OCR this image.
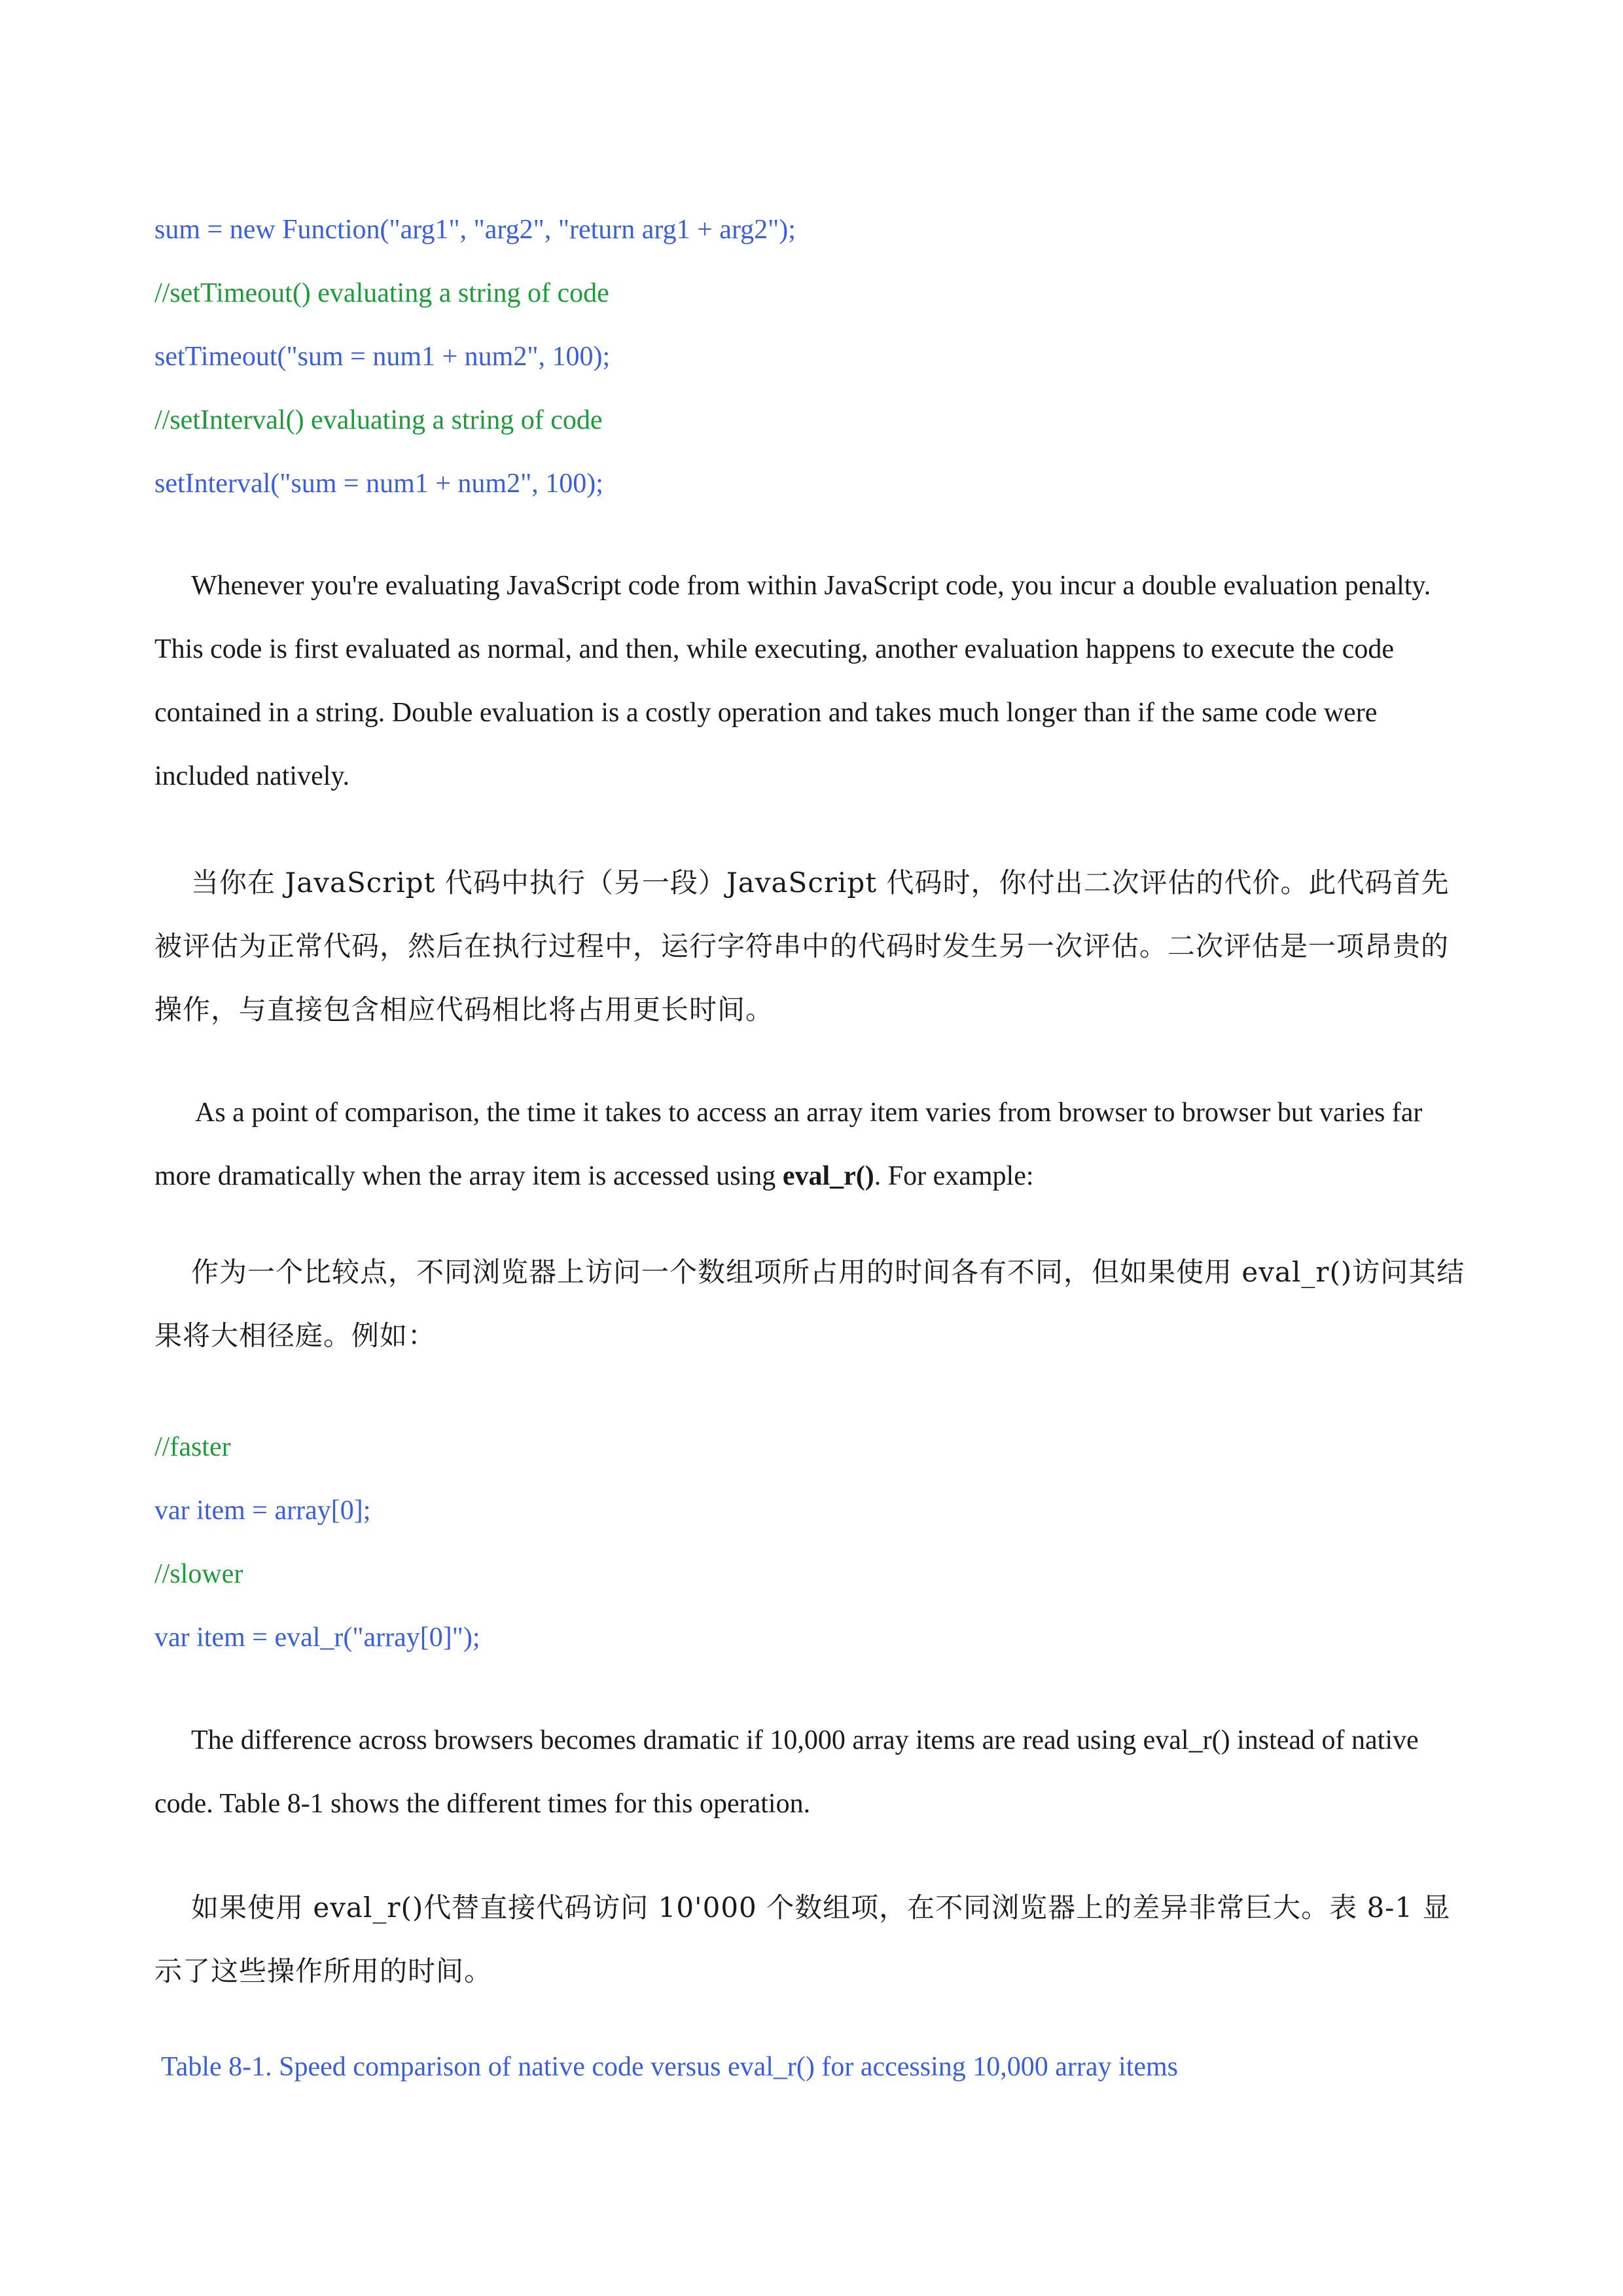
sum = new Function("arg1", "arg2", "return arg1 + arg2");
//setTimeout() evaluating a string of code
setTimeout("sum = num1 + num2", 100);
//setInterval() evaluating a string of code
setInterval("sum = num1 + num2", 100);

Whenever you're evaluating JavaScript code from within JavaScript code, you incur a double evaluation penalty. This code is first evaluated as normal, and then, while executing, another evaluation happens to execute the code contained in a string. Double evaluation is a costly operation and takes much longer than if the same code were included natively.

当你在 JavaScript 代码中执行（另一段）JavaScript 代码时，你付出二次评估的代价。此代码首先被评估为正常代码，然后在执行过程中，运行字符串中的代码时发生另一次评估。二次评估是一项昂贵的操作，与直接包含相应代码相比将占用更长时间。

As a point of comparison, the time it takes to access an array item varies from browser to browser but varies far more dramatically when the array item is accessed using eval_r(). For example:

作为一个比较点，不同浏览器上访问一个数组项所占用的时间各有不同，但如果使用 eval_r()访问其结果将大相径庭。例如：

//faster
var item = array[0];
//slower
var item = eval_r("array[0]");

The difference across browsers becomes dramatic if 10,000 array items are read using eval_r() instead of native code. Table 8-1 shows the different times for this operation.

如果使用 eval_r()代替直接代码访问 10'000 个数组项，在不同浏览器上的差异非常巨大。表 8-1 显示了这些操作所用的时间。

Table 8-1. Speed comparison of native code versus eval_r() for accessing 10,000 array items
